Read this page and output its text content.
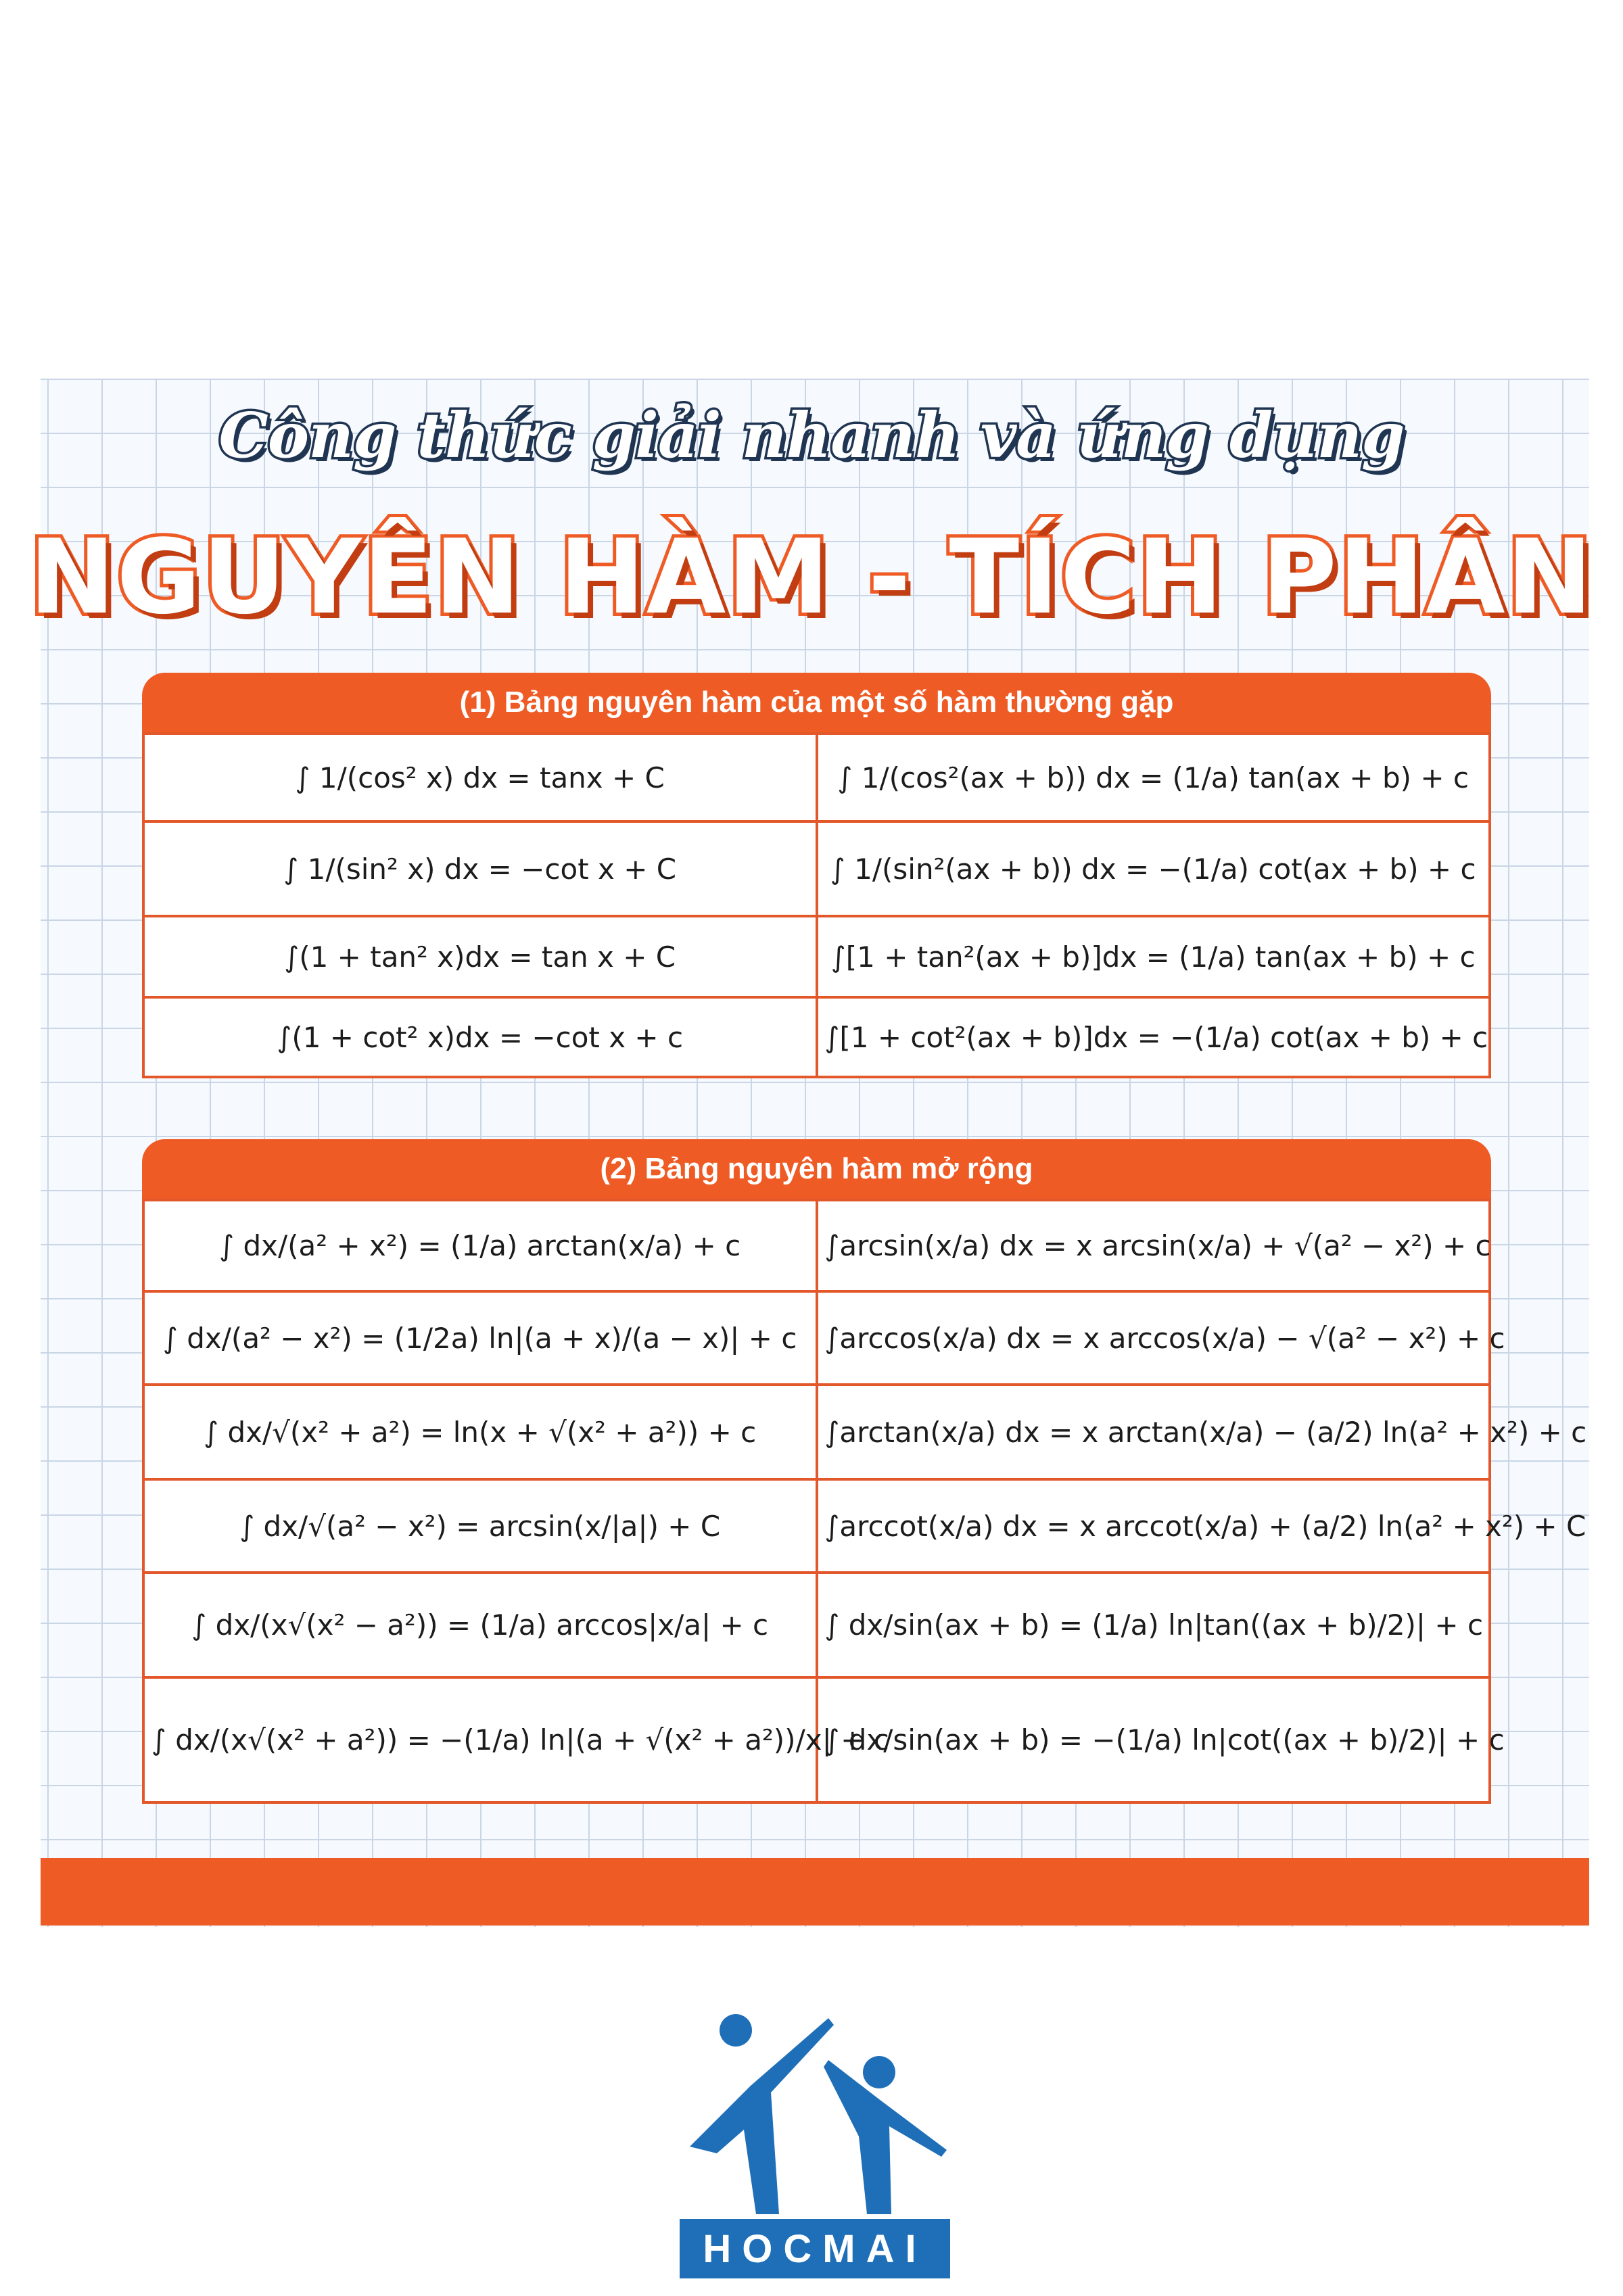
Công thức giải nhanh và ứng dụng
NGUYÊN HÀM - TÍCH PHÂN
(1) Bảng nguyên hàm của một số hàm thường gặp
∫ 1/(cos² x) dx = tanx + C	∫ 1/(cos²(ax + b)) dx = (1/a) tan(ax + b) + c
∫ 1/(sin² x) dx = −cot x + C	∫ 1/(sin²(ax + b)) dx = −(1/a) cot(ax + b) + c
∫(1 + tan² x)dx = tan x + C	∫[1 + tan²(ax + b)]dx = (1/a) tan(ax + b) + c
∫(1 + cot² x)dx = −cot x + c	∫[1 + cot²(ax + b)]dx = −(1/a) cot(ax + b) + c
(2) Bảng nguyên hàm mở rộng
∫ dx/(a² + x²) = (1/a) arctan(x/a) + c	∫arcsin(x/a) dx = x arcsin(x/a) + √(a² − x²) + c
∫ dx/(a² − x²) = (1/2a) ln|(a + x)/(a − x)| + c	∫arccos(x/a) dx = x arccos(x/a) − √(a² − x²) + c
∫ dx/√(x² + a²) = ln(x + √(x² + a²)) + c	∫arctan(x/a) dx = x arctan(x/a) − (a/2) ln(a² + x²) + c
∫ dx/√(a² − x²) = arcsin(x/|a|) + C	∫arccot(x/a) dx = x arccot(x/a) + (a/2) ln(a² + x²) + C
∫ dx/(x√(x² − a²)) = (1/a) arccos|x/a| + c	∫ dx/sin(ax + b) = (1/a) ln|tan((ax + b)/2)| + c
∫ dx/(x√(x² + a²)) = −(1/a) ln|(a + √(x² + a²))/x| + c	∫ dx/sin(ax + b) = −(1/a) ln|cot((ax + b)/2)| + c
HOCMAI
